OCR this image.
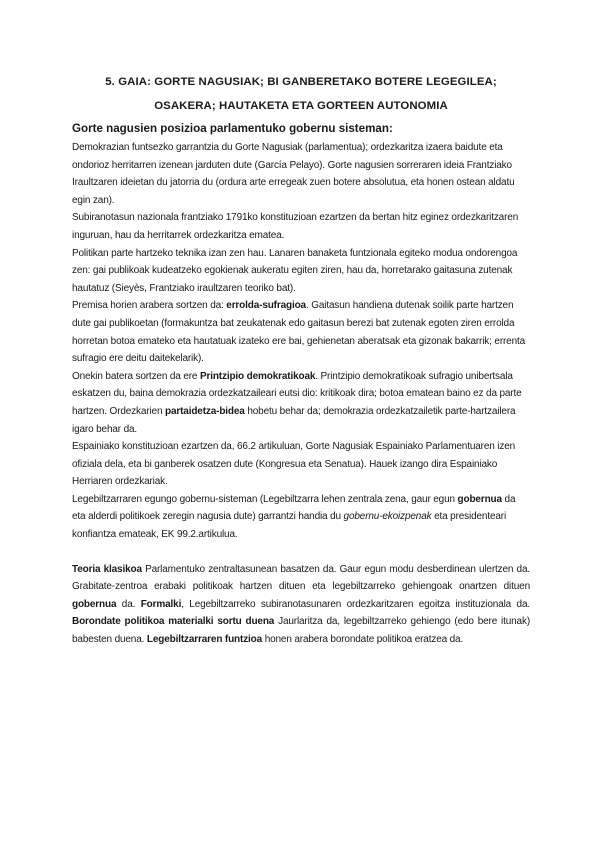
5. GAIA: GORTE NAGUSIAK; BI GANBERETAKO BOTERE LEGEGILEA;
OSAKERA; HAUTAKETA ETA GORTEEN AUTONOMIA
Gorte nagusien posizioa parlamentuko gobernu sisteman:

Demokrazian funtsezko garrantzia du Gorte Nagusiak (parlamentua); ordezkaritza izaera baidute eta ondorioz herritarren izenean jarduten dute (García Pelayo). Gorte nagusien sorreraren ideia Frantziako Iraultzaren ideietan du jatorria du (ordura arte erregeak zuen botere absolutua, eta honen ostean aldatu egin zan).

Subiranotasun nazionala frantziako 1791ko konstituzioan ezartzen da bertan hitz eginez ordezkaritzaren inguruan, hau da herritarrek ordezkaritza ematea.

Politikan parte hartzeko teknika izan zen hau. Lanaren banaketa funtzionala egiteko modua ondorengoa zen: gai publikoak kudeatzeko egokienak aukeratu egiten ziren, hau da, horretarako gaitasuna zutenak hautatuz (Sieyès, Frantziako iraultzaren teoriko bat).

Premisa horien arabera sortzen da: errolda-sufragioa. Gaitasun handiena dutenak soilik parte hartzen dute gai publikoetan (formakuntza bat zeukatenak edo gaitasun berezi bat zutenak egoten ziren errolda horretan botoa emateko eta hautatuak izateko ere bai, gehienetan aberatsak eta gizonak bakarrik; errenta sufragio ere deitu daitekelarik).

Onekin batera sortzen da ere Printzipio demokratikoak. Printzipio demokratikoak sufragio unibertsala eskatzen du, baina demokrazia ordezkatzaileari eutsi dio: kritikoak dira; botoa ematean baino ez da parte hartzen. Ordezkarien partaidetza-bidea hobetu behar da; demokrazia ordezkatzailetik parte-hartzailera igaro behar da.

Espainiako konstituzioan ezartzen da, 66.2 artikuluan, Gorte Nagusiak Espainiako Parlamentuaren izen ofiziala dela, eta bi ganberek osatzen dute (Kongresua eta Senatua). Hauek izango dira Espainiako Herriaren ordezkariak.

Legebiltzarraren egungo gobernu-sisteman (Legebiltzarra lehen zentrala zena, gaur egun gobernua da eta alderdi politikoek zeregin nagusia dute) garrantzi handia du gobernu-ekoizpenak eta presidenteari konfiantza emateak, EK 99.2.artikulua.

Teoria klasikoa Parlamentuko zentraltasunean basatzen da. Gaur egun modu desberdinean ulertzen da. Grabitate-zentroa erabaki politikoak hartzen dituen eta legebiltzarreko gehiengoak onartzen dituen gobernua da. Formalki, Legebiltzarreko subiranotasunaren ordezkaritzaren egoitza instituzionala da. Borondate politikoa materialki sortu duena Jaurlaritza da, legebiltzarreko gehiengo (edo bere itunak) babesten duena. Legebiltzarraren funtzioa honen arabera borondate politikoa eratzea da.
